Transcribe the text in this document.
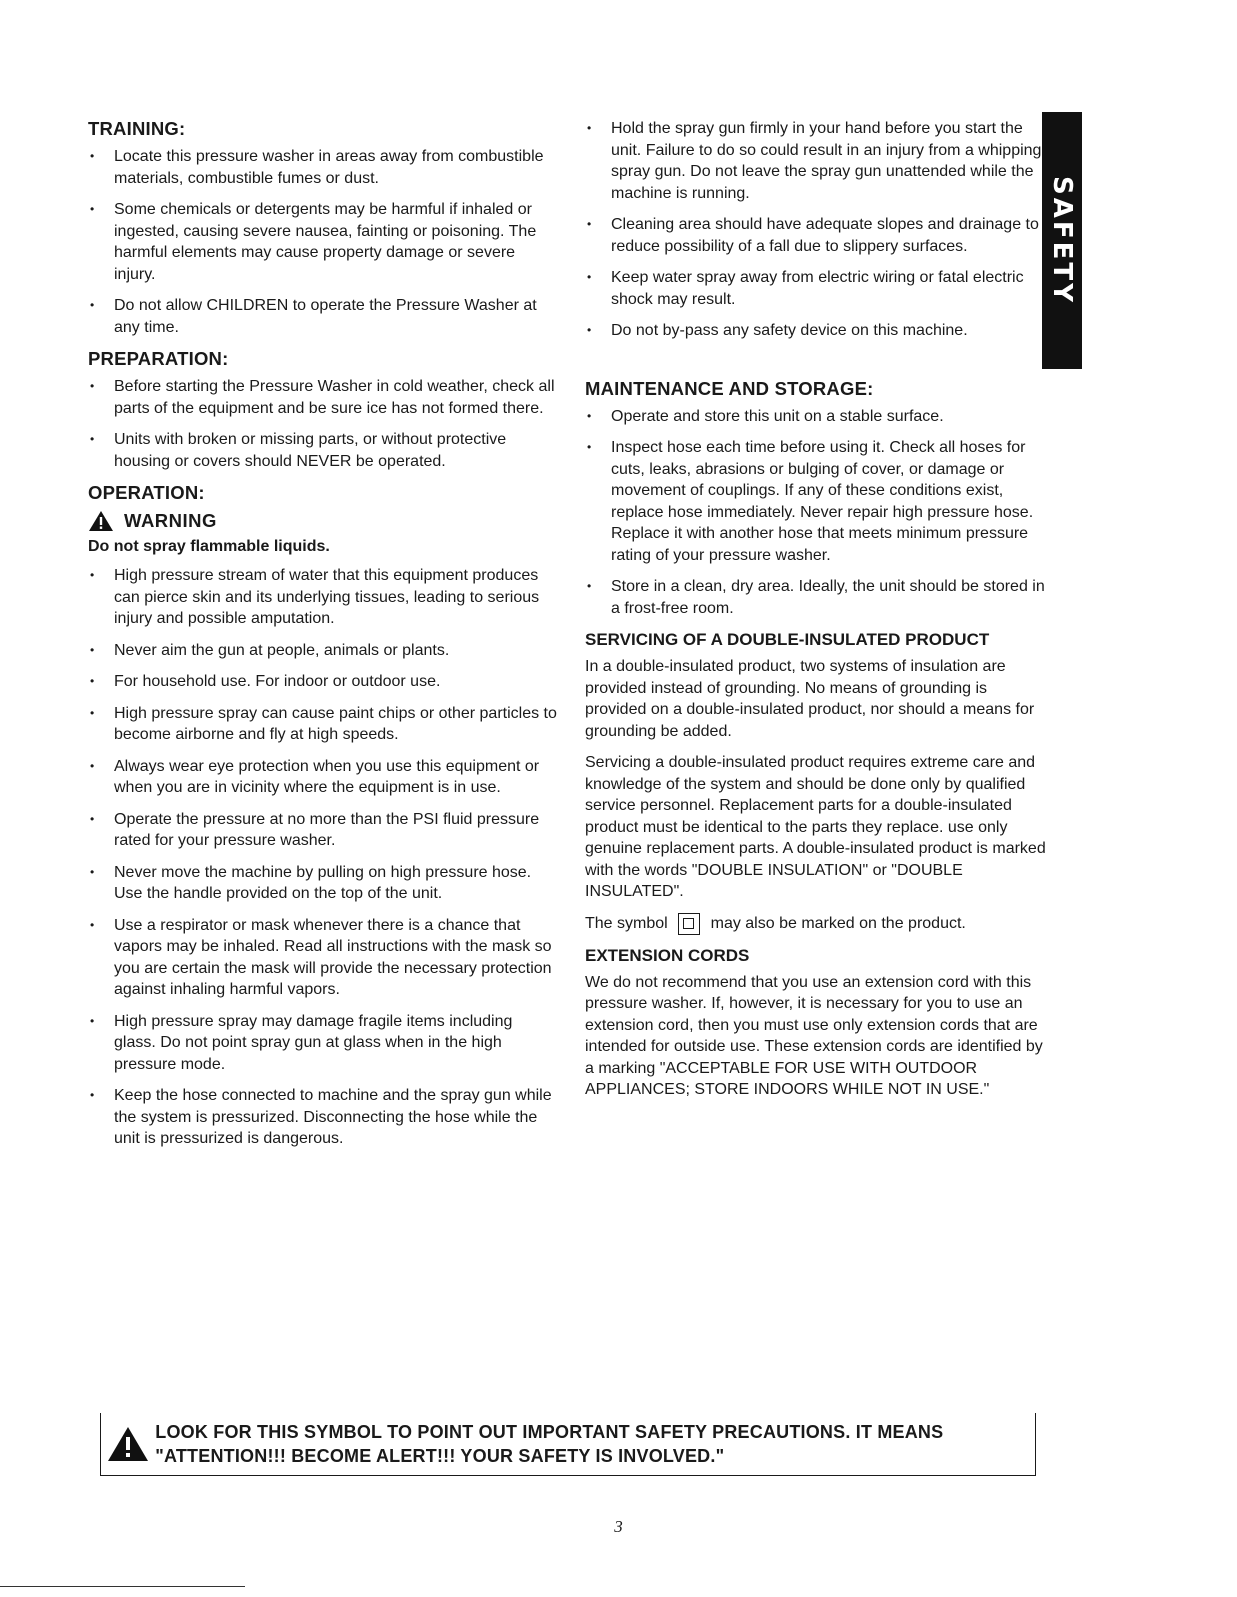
TRAINING:
• Locate this pressure washer in areas away from combustible materials, combustible fumes or dust.
• Some chemicals or detergents may be harmful if inhaled or ingested, causing severe nausea, fainting or poisoning. The harmful elements may cause property damage or severe injury.
• Do not allow CHILDREN to operate the Pressure Washer at any time.
PREPARATION:
• Before starting the Pressure Washer in cold weather, check all parts of the equipment and be sure ice has not formed there.
• Units with broken or missing parts, or without protective housing or covers should NEVER be operated.
OPERATION:
WARNING
Do not spray flammable liquids.
• High pressure stream of water that this equipment produces can pierce skin and its underlying tissues, leading to serious injury and possible amputation.
• Never aim the gun at people, animals or plants.
• For household use. For indoor or outdoor use.
• High pressure spray can cause paint chips or other particles to become airborne and fly at high speeds.
• Always wear eye protection when you use this equipment or when you are in vicinity where the equipment is in use.
• Operate the pressure at no more than the PSI fluid pressure rated for your pressure washer.
• Never move the machine by pulling on high pressure hose. Use the handle provided on the top of the unit.
• Use a respirator or mask whenever there is a chance that vapors may be inhaled. Read all instructions with the mask so you are certain the mask will provide the necessary protection against inhaling harmful vapors.
• High pressure spray may damage fragile items including glass. Do not point spray gun at glass when in the high pressure mode.
• Keep the hose connected to machine and the spray gun while the system is pressurized. Disconnecting the hose while the unit is pressurized is dangerous.
• Hold the spray gun firmly in your hand before you start the unit. Failure to do so could result in an injury from a whipping spray gun. Do not leave the spray gun unattended while the machine is running.
• Cleaning area should have adequate slopes and drainage to reduce possibility of a fall due to slippery surfaces.
• Keep water spray away from electric wiring or fatal electric shock may result.
• Do not by-pass any safety device on this machine.
MAINTENANCE AND STORAGE:
• Operate and store this unit on a stable surface.
• Inspect hose each time before using it. Check all hoses for cuts, leaks, abrasions or bulging of cover, or damage or movement of couplings. If any of these conditions exist, replace hose immediately. Never repair high pressure hose. Replace it with another hose that meets minimum pressure rating of your pressure washer.
• Store in a clean, dry area. Ideally, the unit should be stored in a frost-free room.
SERVICING OF A DOUBLE-INSULATED PRODUCT

In a double-insulated product, two systems of insulation are provided instead of grounding. No means of grounding is provided on a double-insulated product, nor should a means for grounding be added.

Servicing a double-insulated product requires extreme care and knowledge of the system and should be done only by qualified service personnel. Replacement parts for a double-insulated product must be identical to the parts they replace. use only genuine replacement parts. A double-insulated product is marked with the words "DOUBLE INSULATION" or "DOUBLE INSULATED".

The symbol	may also be marked on the product.

EXTENSION CORDS

We do not recommend that you use an extension cord with this pressure washer. If, however, it is necessary for you to use an extension cord, then you must use only extension cords that are intended for outside use. These extension cords are identified by a marking "ACCEPTABLE FOR USE WITH OUTDOOR APPLIANCES; STORE INDOORS WHILE NOT IN USE."

SAFETY
LOOK FOR THIS SYMBOL TO POINT OUT IMPORTANT SAFETY PRECAUTIONS. IT MEANS "ATTENTION!!! BECOME ALERT!!! YOUR SAFETY IS INVOLVED."
3
